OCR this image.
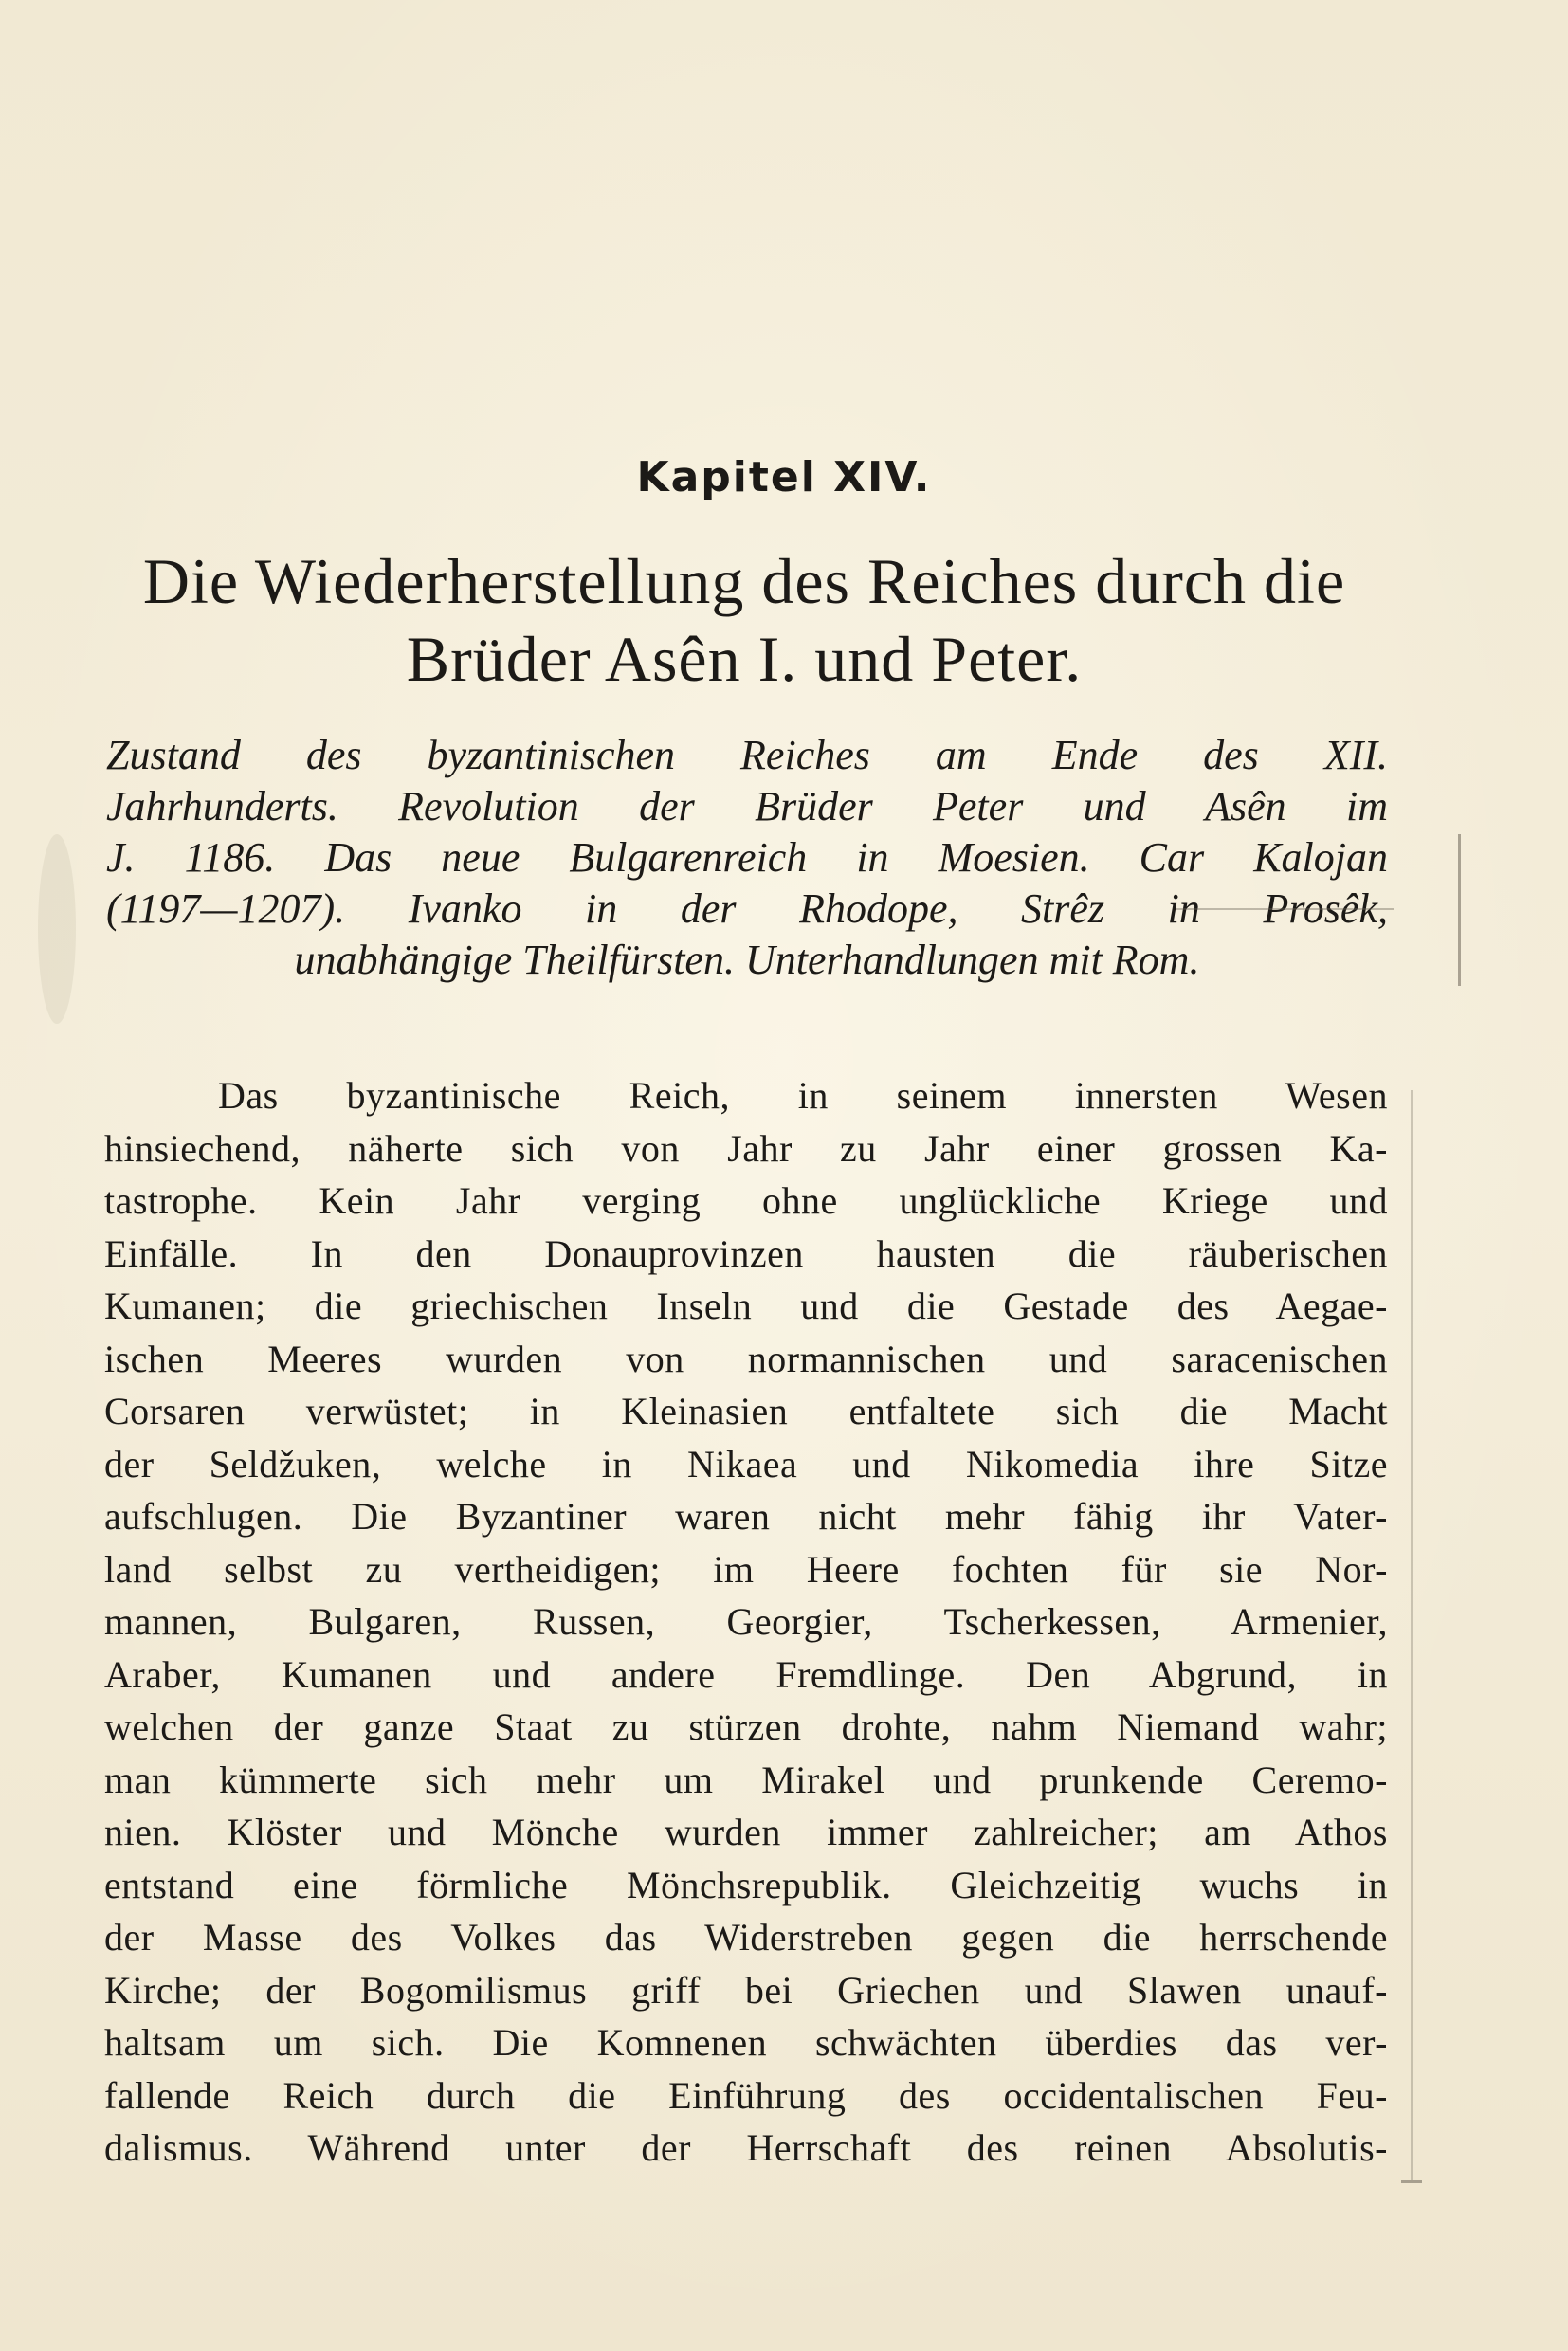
Kapitel XIV.
Die Wiederherstellung des Reiches durch die
Brüder Asên I. und Peter.
Zustand des byzantinischen Reiches am Ende des XII.
Jahrhunderts. Revolution der Brüder Peter und Asên im
J. 1186. Das neue Bulgarenreich in Moesien. Car Kalojan
(1197—1207). Ivanko in der Rhodope, Strêz in Prosêk,
unabhängige Theilfürsten. Unterhandlungen mit Rom.
Das byzantinische Reich, in seinem innersten Wesen
hinsiechend, näherte sich von Jahr zu Jahr einer grossen Ka-
tastrophe. Kein Jahr verging ohne unglückliche Kriege und
Einfälle. In den Donauprovinzen hausten die räuberischen
Kumanen; die griechischen Inseln und die Gestade des Aegae-
ischen Meeres wurden von normannischen und saracenischen
Corsaren verwüstet; in Kleinasien entfaltete sich die Macht
der Seldžuken, welche in Nikaea und Nikomedia ihre Sitze
aufschlugen. Die Byzantiner waren nicht mehr fähig ihr Vater-
land selbst zu vertheidigen; im Heere fochten für sie Nor-
mannen, Bulgaren, Russen, Georgier, Tscherkessen, Armenier,
Araber, Kumanen und andere Fremdlinge. Den Abgrund, in
welchen der ganze Staat zu stürzen drohte, nahm Niemand wahr;
man kümmerte sich mehr um Mirakel und prunkende Ceremo-
nien. Klöster und Mönche wurden immer zahlreicher; am Athos
entstand eine förmliche Mönchsrepublik. Gleichzeitig wuchs in
der Masse des Volkes das Widerstreben gegen die herrschende
Kirche; der Bogomilismus griff bei Griechen und Slawen unauf-
haltsam um sich. Die Komnenen schwächten überdies das ver-
fallende Reich durch die Einführung des occidentalischen Feu-
dalismus. Während unter der Herrschaft des reinen Absolutis-
